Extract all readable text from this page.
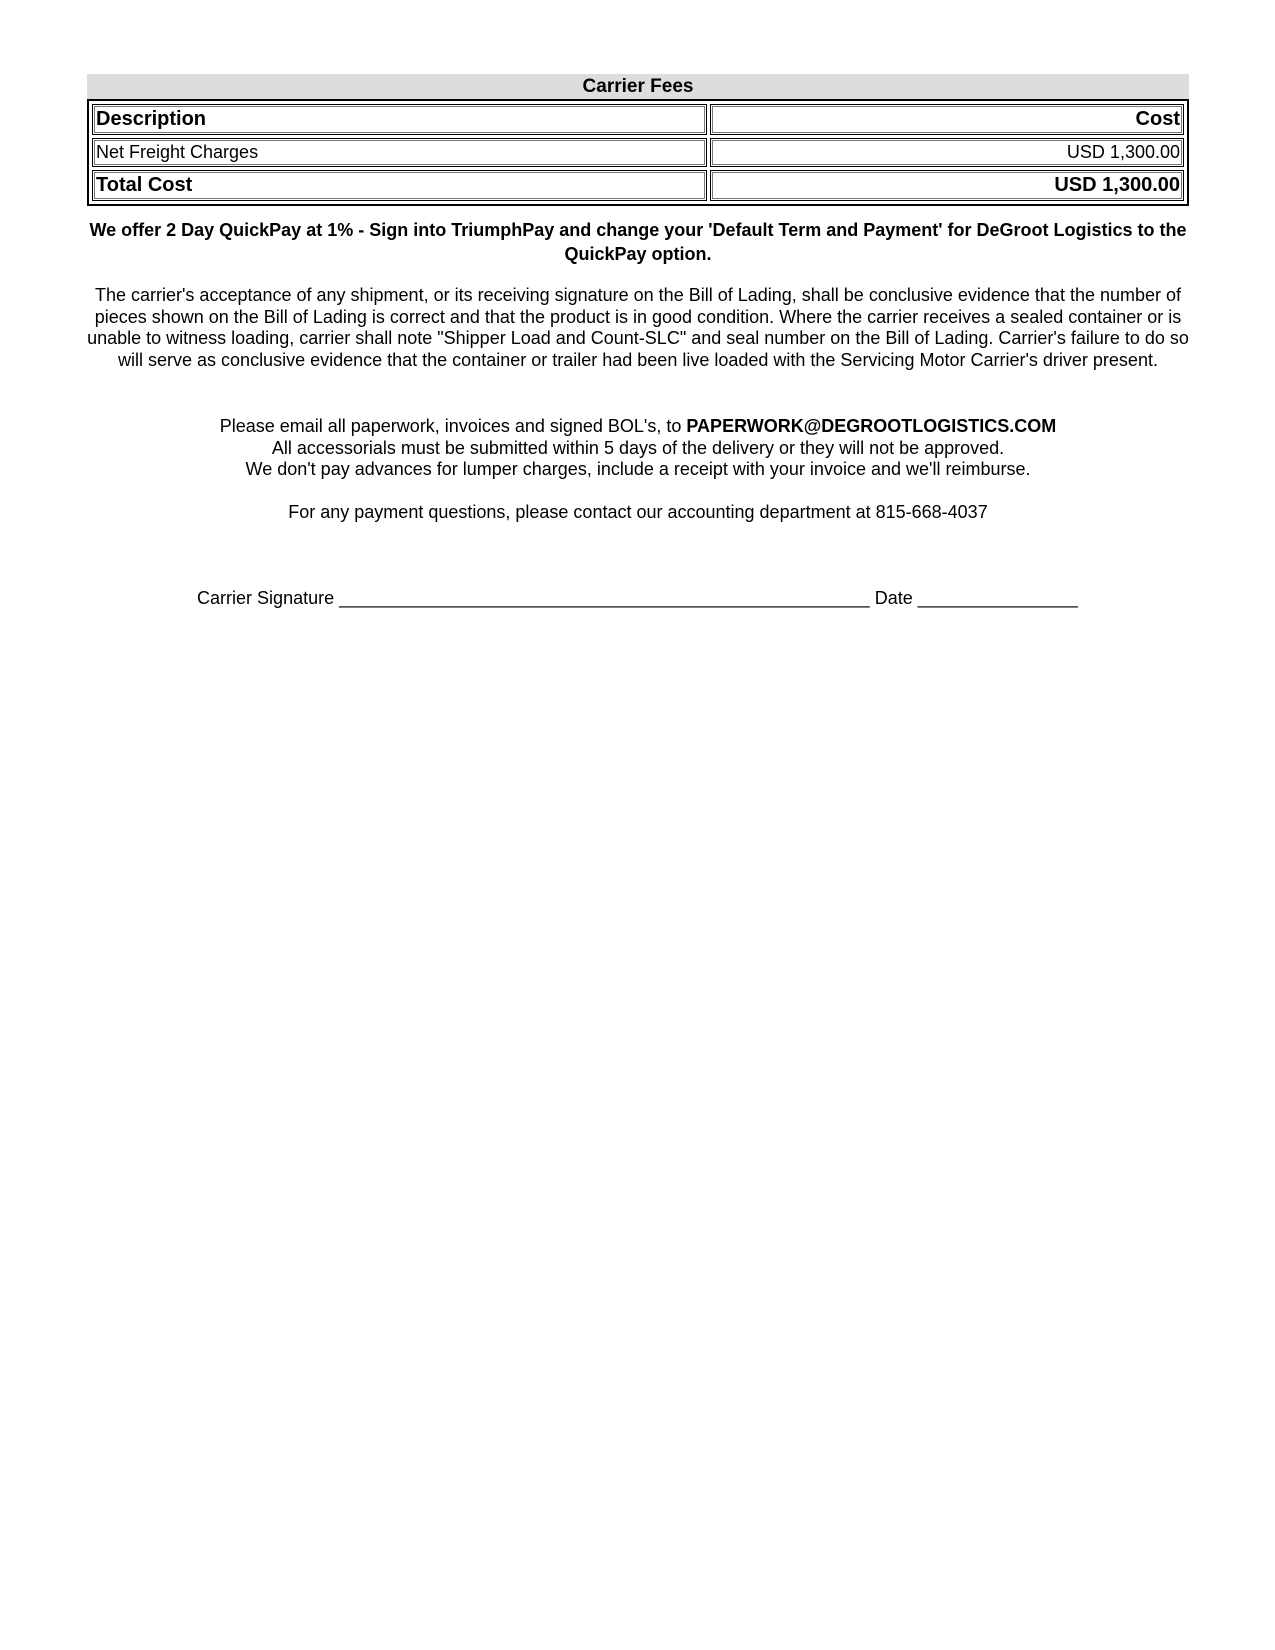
Carrier Fees
Description	Cost
Net Freight Charges	USD 1,300.00
Total Cost	USD 1,300.00
We offer 2 Day QuickPay at 1% - Sign into TriumphPay and change your 'Default Term and Payment' for DeGroot Logistics to the QuickPay option.
The carrier's acceptance of any shipment, or its receiving signature on the Bill of Lading, shall be conclusive evidence that the number of pieces shown on the Bill of Lading is correct and that the product is in good condition. Where the carrier receives a sealed container or is unable to witness loading, carrier shall note "Shipper Load and Count-SLC" and seal number on the Bill of Lading. Carrier's failure to do so will serve as conclusive evidence that the container or trailer had been live loaded with the Servicing Motor Carrier's driver present.
Please email all paperwork, invoices and signed BOL's, to PAPERWORK@DEGROOTLOGISTICS.COM
All accessorials must be submitted within 5 days of the delivery or they will not be approved.
We don't pay advances for lumper charges, include a receipt with your invoice and we'll reimburse.
For any payment questions, please contact our accounting department at 815-668-4037
Carrier Signature _____________________________________________________ Date ________________
